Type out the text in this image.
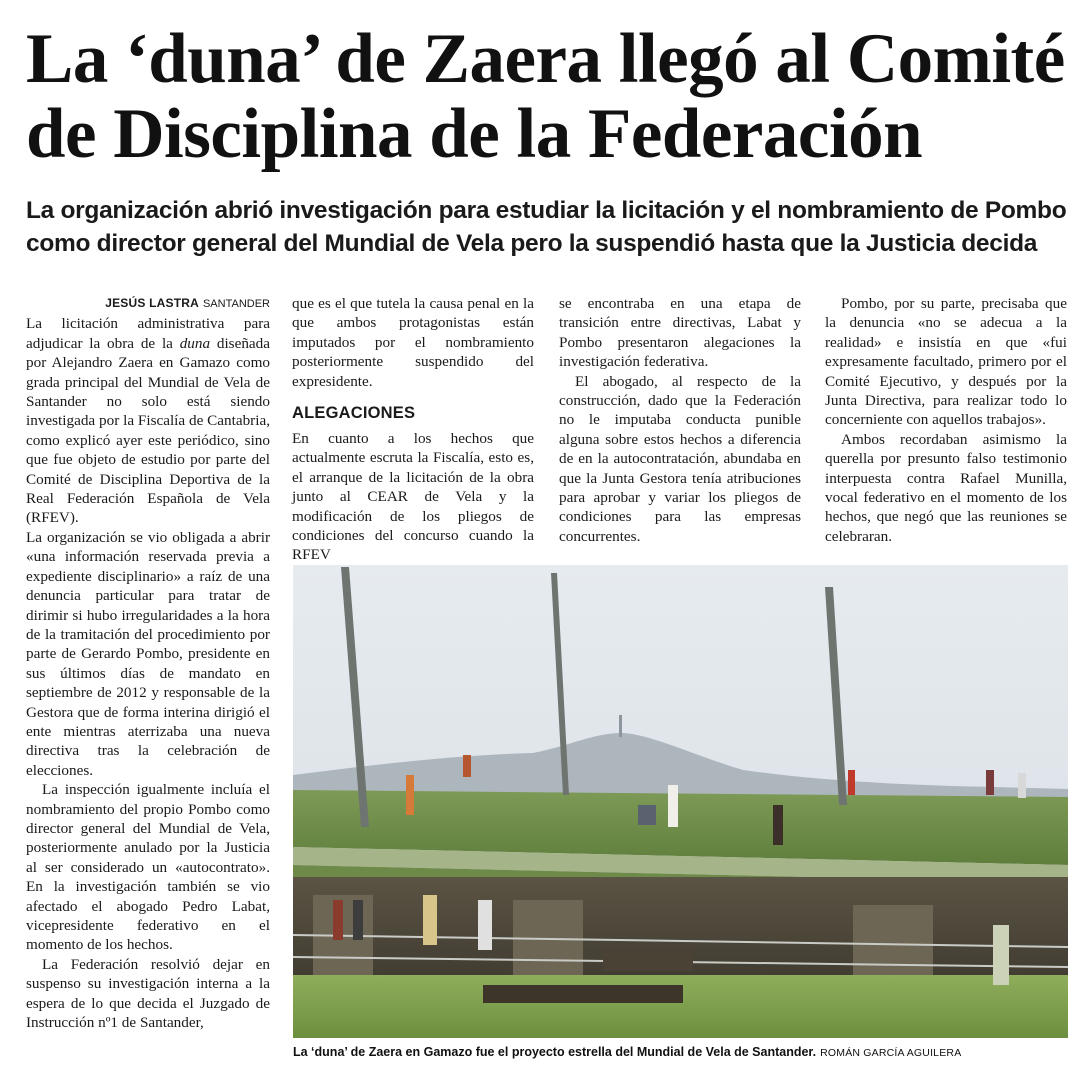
La ‘duna’ de Zaera llegó al Comité de Disciplina de la Federación
La organización abrió investigación para estudiar la licitación y el nombramiento de Pombo como director general del Mundial de Vela pero la suspendió hasta que la Justicia decida
JESÚS LASTRA SANTANDER

La licitación administrativa para adjudicar la obra de la duna diseñada por Alejandro Zaera en Gamazo como grada principal del Mundial de Vela de Santander no solo está siendo investigada por la Fiscalía de Cantabria, como explicó ayer este periódico, sino que fue objeto de estudio por parte del Comité de Disciplina Deportiva de la Real Federación Española de Vela (RFEV).

La organización se vio obligada a abrir «una información reservada previa a expediente disciplinario» a raíz de una denuncia particular para tratar de dirimir si hubo irregularidades a la hora de la tramitación del procedimiento por parte de Gerardo Pombo, presidente en sus últimos días de mandato en septiembre de 2012 y responsable de la Gestora que de forma interina dirigió el ente mientras aterrizaba una nueva directiva tras la celebración de elecciones.

La inspección igualmente incluía el nombramiento del propio Pombo como director general del Mundial de Vela, posteriormente anulado por la Justicia al ser considerado un «autocontrato». En la investigación también se vio afectado el abogado Pedro Labat, vicepresidente federativo en el momento de los hechos.

La Federación resolvió dejar en suspenso su investigación interna a la espera de lo que decida el Juzgado de Instrucción nº1 de Santander,

que es el que tutela la causa penal en la que ambos protagonistas están imputados por el nombramiento posteriormente suspendido del expresidente.

ALEGACIONES

En cuanto a los hechos que actualmente escruta la Fiscalía, esto es, el arranque de la licitación de la obra junto al CEAR de Vela y la modificación de los pliegos de condiciones del concurso cuando la RFEV

se encontraba en una etapa de transición entre directivas, Labat y Pombo presentaron alegaciones la investigación federativa.

El abogado, al respecto de la construcción, dado que la Federación no le imputaba conducta punible alguna sobre estos hechos a diferencia de en la autocontratación, abundaba en que la Junta Gestora tenía atribuciones para aprobar y variar los pliegos de condiciones para las empresas concurrentes.

Pombo, por su parte, precisaba que la denuncia «no se adecua a la realidad» e insistía en que «fui expresamente facultado, primero por el Comité Ejecutivo, y después por la Junta Directiva, para realizar todo lo concerniente con aquellos trabajos».

Ambos recordaban asimismo la querella por presunto falso testimonio interpuesta contra Rafael Munilla, vocal federativo en el momento de los hechos, que negó que las reuniones se celebraran.

La ‘duna’ de Zaera en Gamazo fue el proyecto estrella del Mundial de Vela de Santander. ROMÁN GARCÍA AGUILERA
